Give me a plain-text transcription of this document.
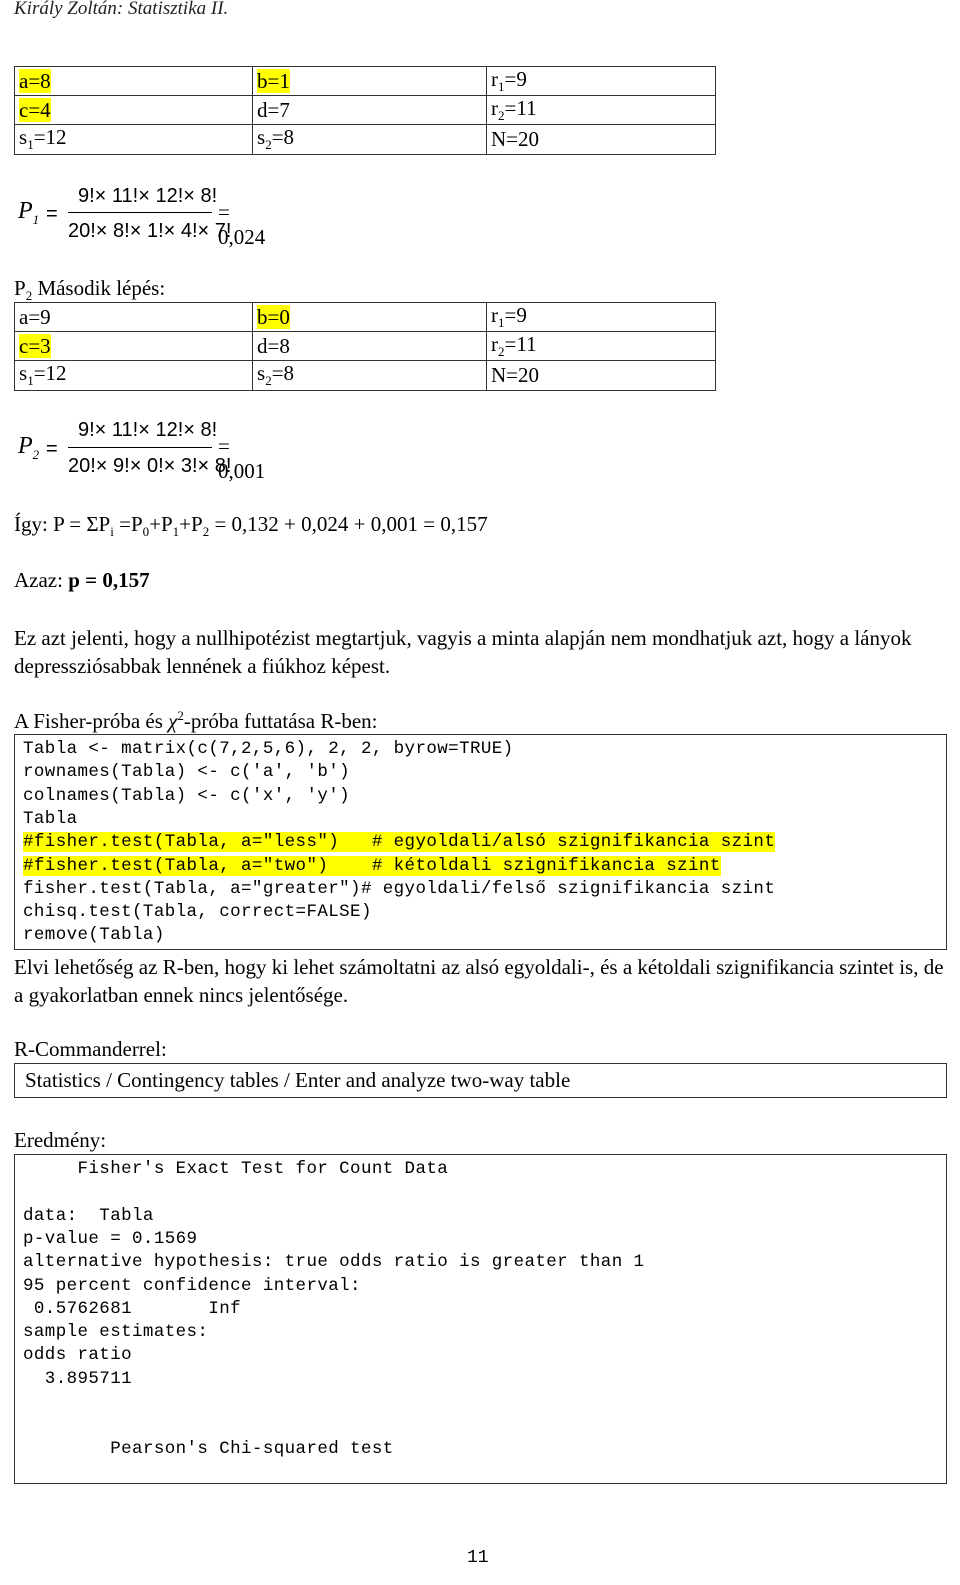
Király Zoltán: Statisztika II.
a=8	b=1	$r_1=9$
c=4	d=7	$r_2=11$
$s_1=12$	$s_2=8$	N=20
$P_1$ =
9!× 11!× 12!× 8!
20!× 8!× 1!× 4!× 7!
= 0,024
$P_2$ Második lépés:
a=9	b=0	$r_1=9$
c=3	d=8	$r_2=11$
$s_1=12$	$s_2=8$	N=20
$P_2$ =
9!× 11!× 12!× 8!
20!× 9!× 0!× 3!× 8!
= 0,001
Így: $P = \Sigma P_i =P_0+P_1+P_2 = 0,132 + 0,024 + 0,001 = 0,157$
Azaz: p = 0,157
Ez azt jelenti, hogy a nullhipotézist megtartjuk, vagyis a minta alapján nem mondhatjuk azt, hogy a lányok depressziósabbak lennének a fiúkhoz képest.
A Fisher-próba és $\chi^2$-próba futtatása R-ben:
Tabla <- matrix(c(7,2,5,6), 2, 2, byrow=TRUE)
rownames(Tabla) <- c('a', 'b')
colnames(Tabla) <- c('x', 'y')
Tabla
#fisher.test(Tabla, a="less")   # egyoldali/alsó szignifikancia szint
#fisher.test(Tabla, a="two")    # kétoldali szignifikancia szint
fisher.test(Tabla, a="greater")# egyoldali/felső szignifikancia szint
chisq.test(Tabla, correct=FALSE)
remove(Tabla)
Elvi lehetőség az R-ben, hogy ki lehet számoltatni az alsó egyoldali-, és a kétoldali szignifikancia szintet is, de a gyakorlatban ennek nincs jelentősége.
R-Commanderrel:
Statistics / Contingency tables / Enter and analyze two-way table
Eredmény:
Fisher's Exact Test for Count Data
data:  Tabla
p-value = 0.1569
alternative hypothesis: true odds ratio is greater than 1
95 percent confidence interval:
0.5762681       Inf
sample estimates:
odds ratio
3.895711
Pearson's Chi-squared test
11
